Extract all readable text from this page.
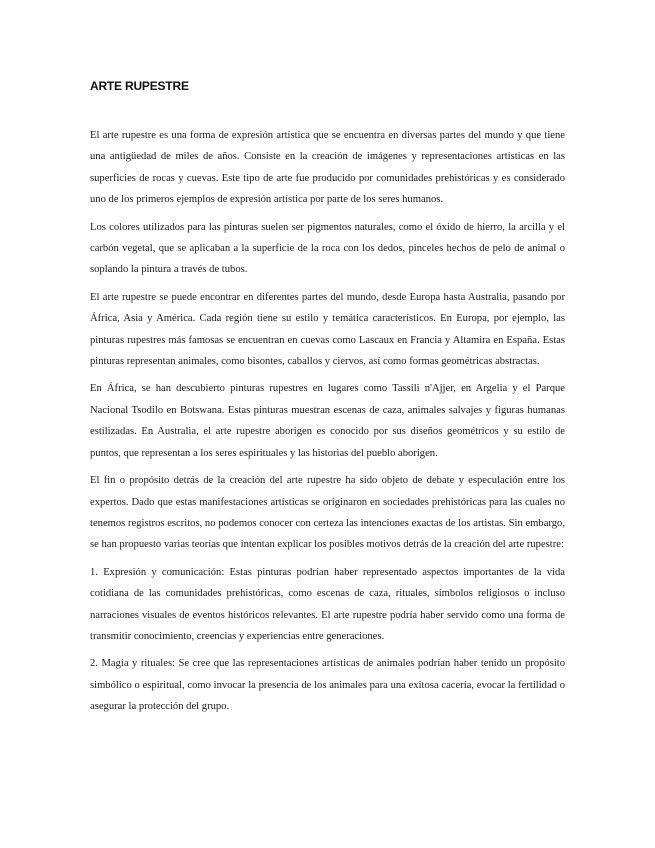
ARTE RUPESTRE

El arte rupestre es una forma de expresión artística que se encuentra en diversas partes del mundo y que tiene una antigüedad de miles de años. Consiste en la creación de imágenes y representaciones artísticas en las superficies de rocas y cuevas. Este tipo de arte fue producido por comunidades prehistóricas y es considerado uno de los primeros ejemplos de expresión artística por parte de los seres humanos.

Los colores utilizados para las pinturas suelen ser pigmentos naturales, como el óxido de hierro, la arcilla y el carbón vegetal, que se aplicaban a la superficie de la roca con los dedos, pinceles hechos de pelo de animal o soplando la pintura a través de tubos.

El arte rupestre se puede encontrar en diferentes partes del mundo, desde Europa hasta Australia, pasando por África, Asia y América. Cada región tiene su estilo y temática característicos. En Europa, por ejemplo, las pinturas rupestres más famosas se encuentran en cuevas como Lascaux en Francia y Altamira en España. Estas pinturas representan animales, como bisontes, caballos y ciervos, así como formas geométricas abstractas.

En África, se han descubierto pinturas rupestres en lugares como Tassili n'Ajjer, en Argelia y el Parque Nacional Tsodilo en Botswana. Estas pinturas muestran escenas de caza, animales salvajes y figuras humanas estilizadas. En Australia, el arte rupestre aborigen es conocido por sus diseños geométricos y su estilo de puntos, que representan a los seres espirituales y las historias del pueblo aborigen.

El fin o propósito detrás de la creación del arte rupestre ha sido objeto de debate y especulación entre los expertos. Dado que estas manifestaciones artísticas se originaron en sociedades prehistóricas para las cuales no tenemos registros escritos, no podemos conocer con certeza las intenciones exactas de los artistas. Sin embargo, se han propuesto varias teorías que intentan explicar los posibles motivos detrás de la creación del arte rupestre:

1. Expresión y comunicación: Estas pinturas podrían haber representado aspectos importantes de la vida cotidiana de las comunidades prehistóricas, como escenas de caza, rituales, símbolos religiosos o incluso narraciones visuales de eventos históricos relevantes. El arte rupestre podría haber servido como una forma de transmitir conocimiento, creencias y experiencias entre generaciones.

2. Magia y rituales: Se cree que las representaciones artísticas de animales podrían haber tenido un propósito simbólico o espiritual, como invocar la presencia de los animales para una exitosa cacería, evocar la fertilidad o asegurar la protección del grupo.
